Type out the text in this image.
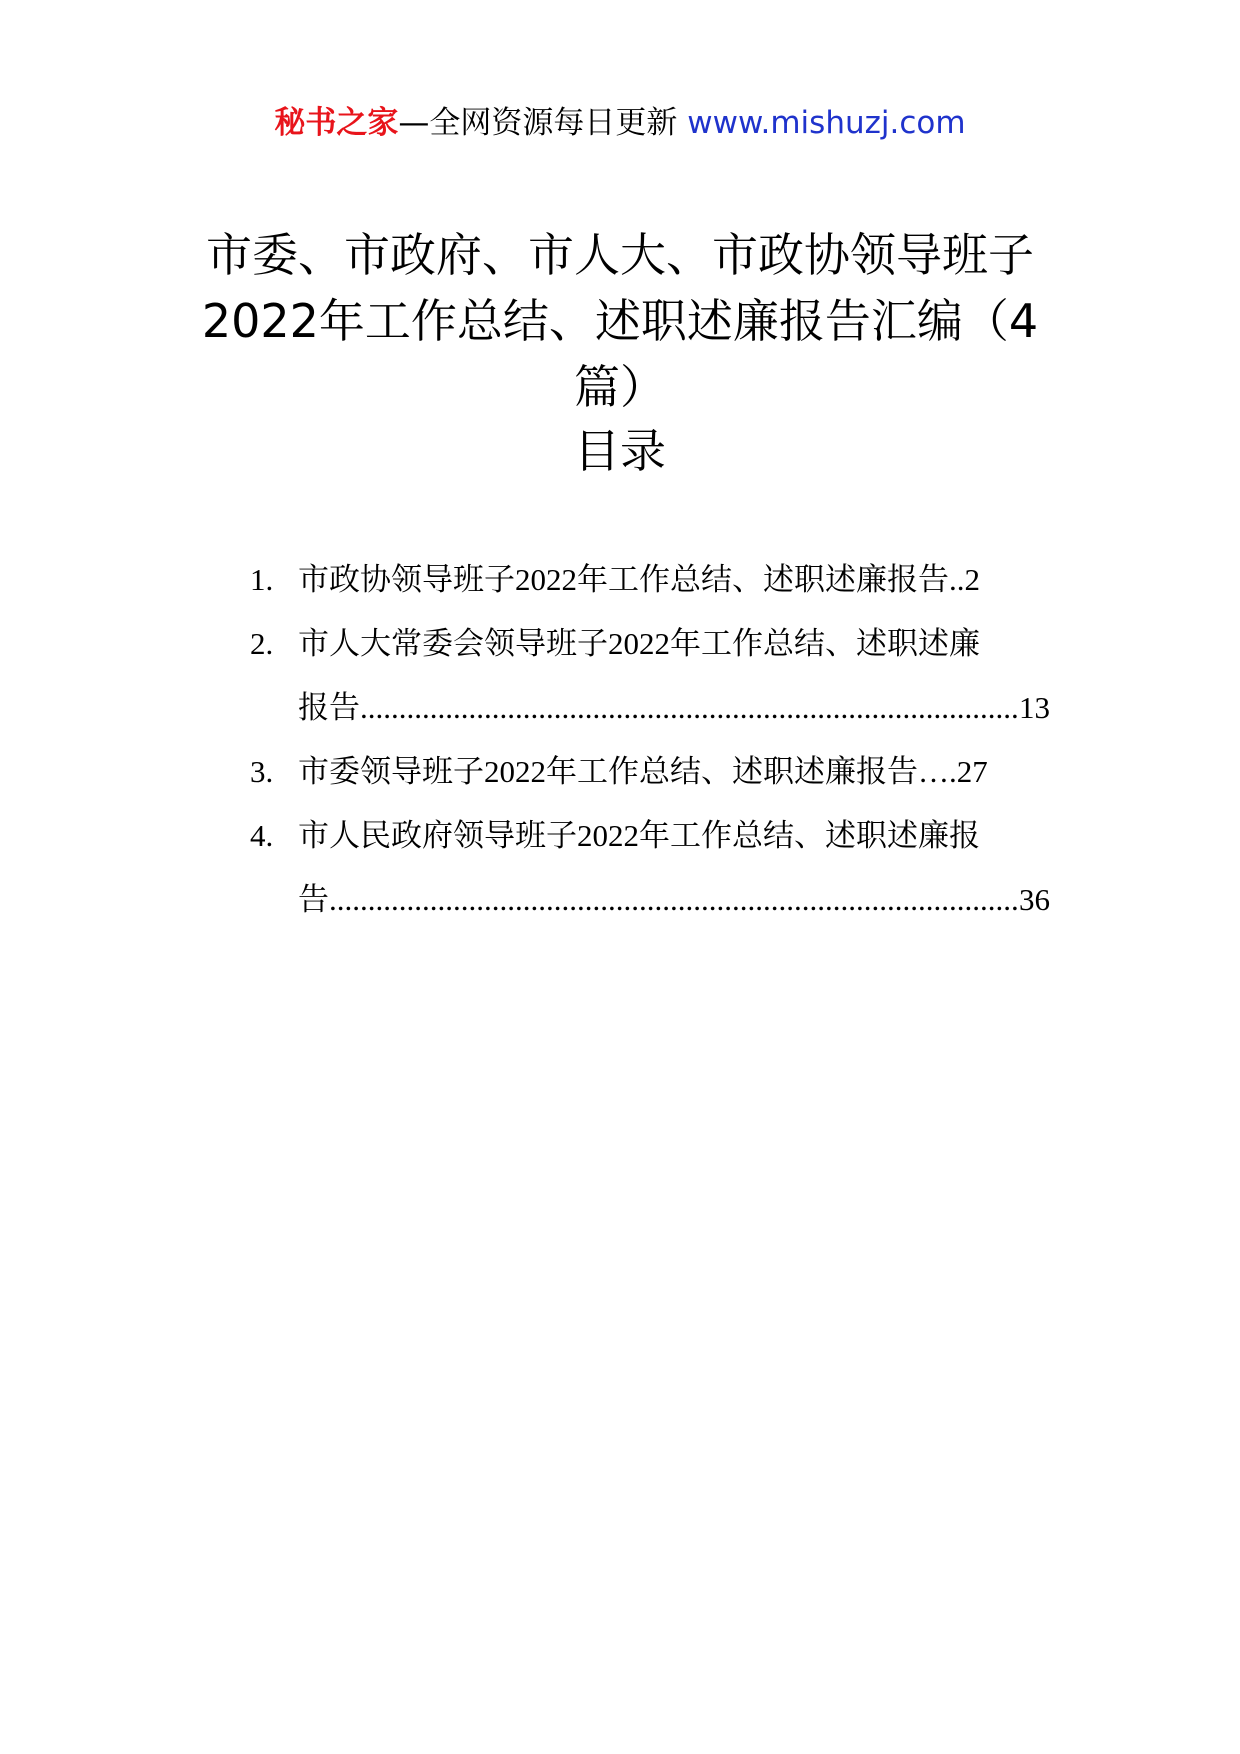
秘书之家—全网资源每日更新 www.mishuzj.com
市委、市政府、市人大、市政协领导班子
2022年工作总结、述职述廉报告汇编（4
篇）
目录
1. 市政协领导班子2022年工作总结、述职述廉报告 .. 2
2. 市人大常委会领导班子2022年工作总结、述职述廉
报告 .....	13
3. 市委领导班子2022年工作总结、述职述廉报告 …. 27
4. 市人民政府领导班子2022年工作总结、述职述廉报
告 .....	36
